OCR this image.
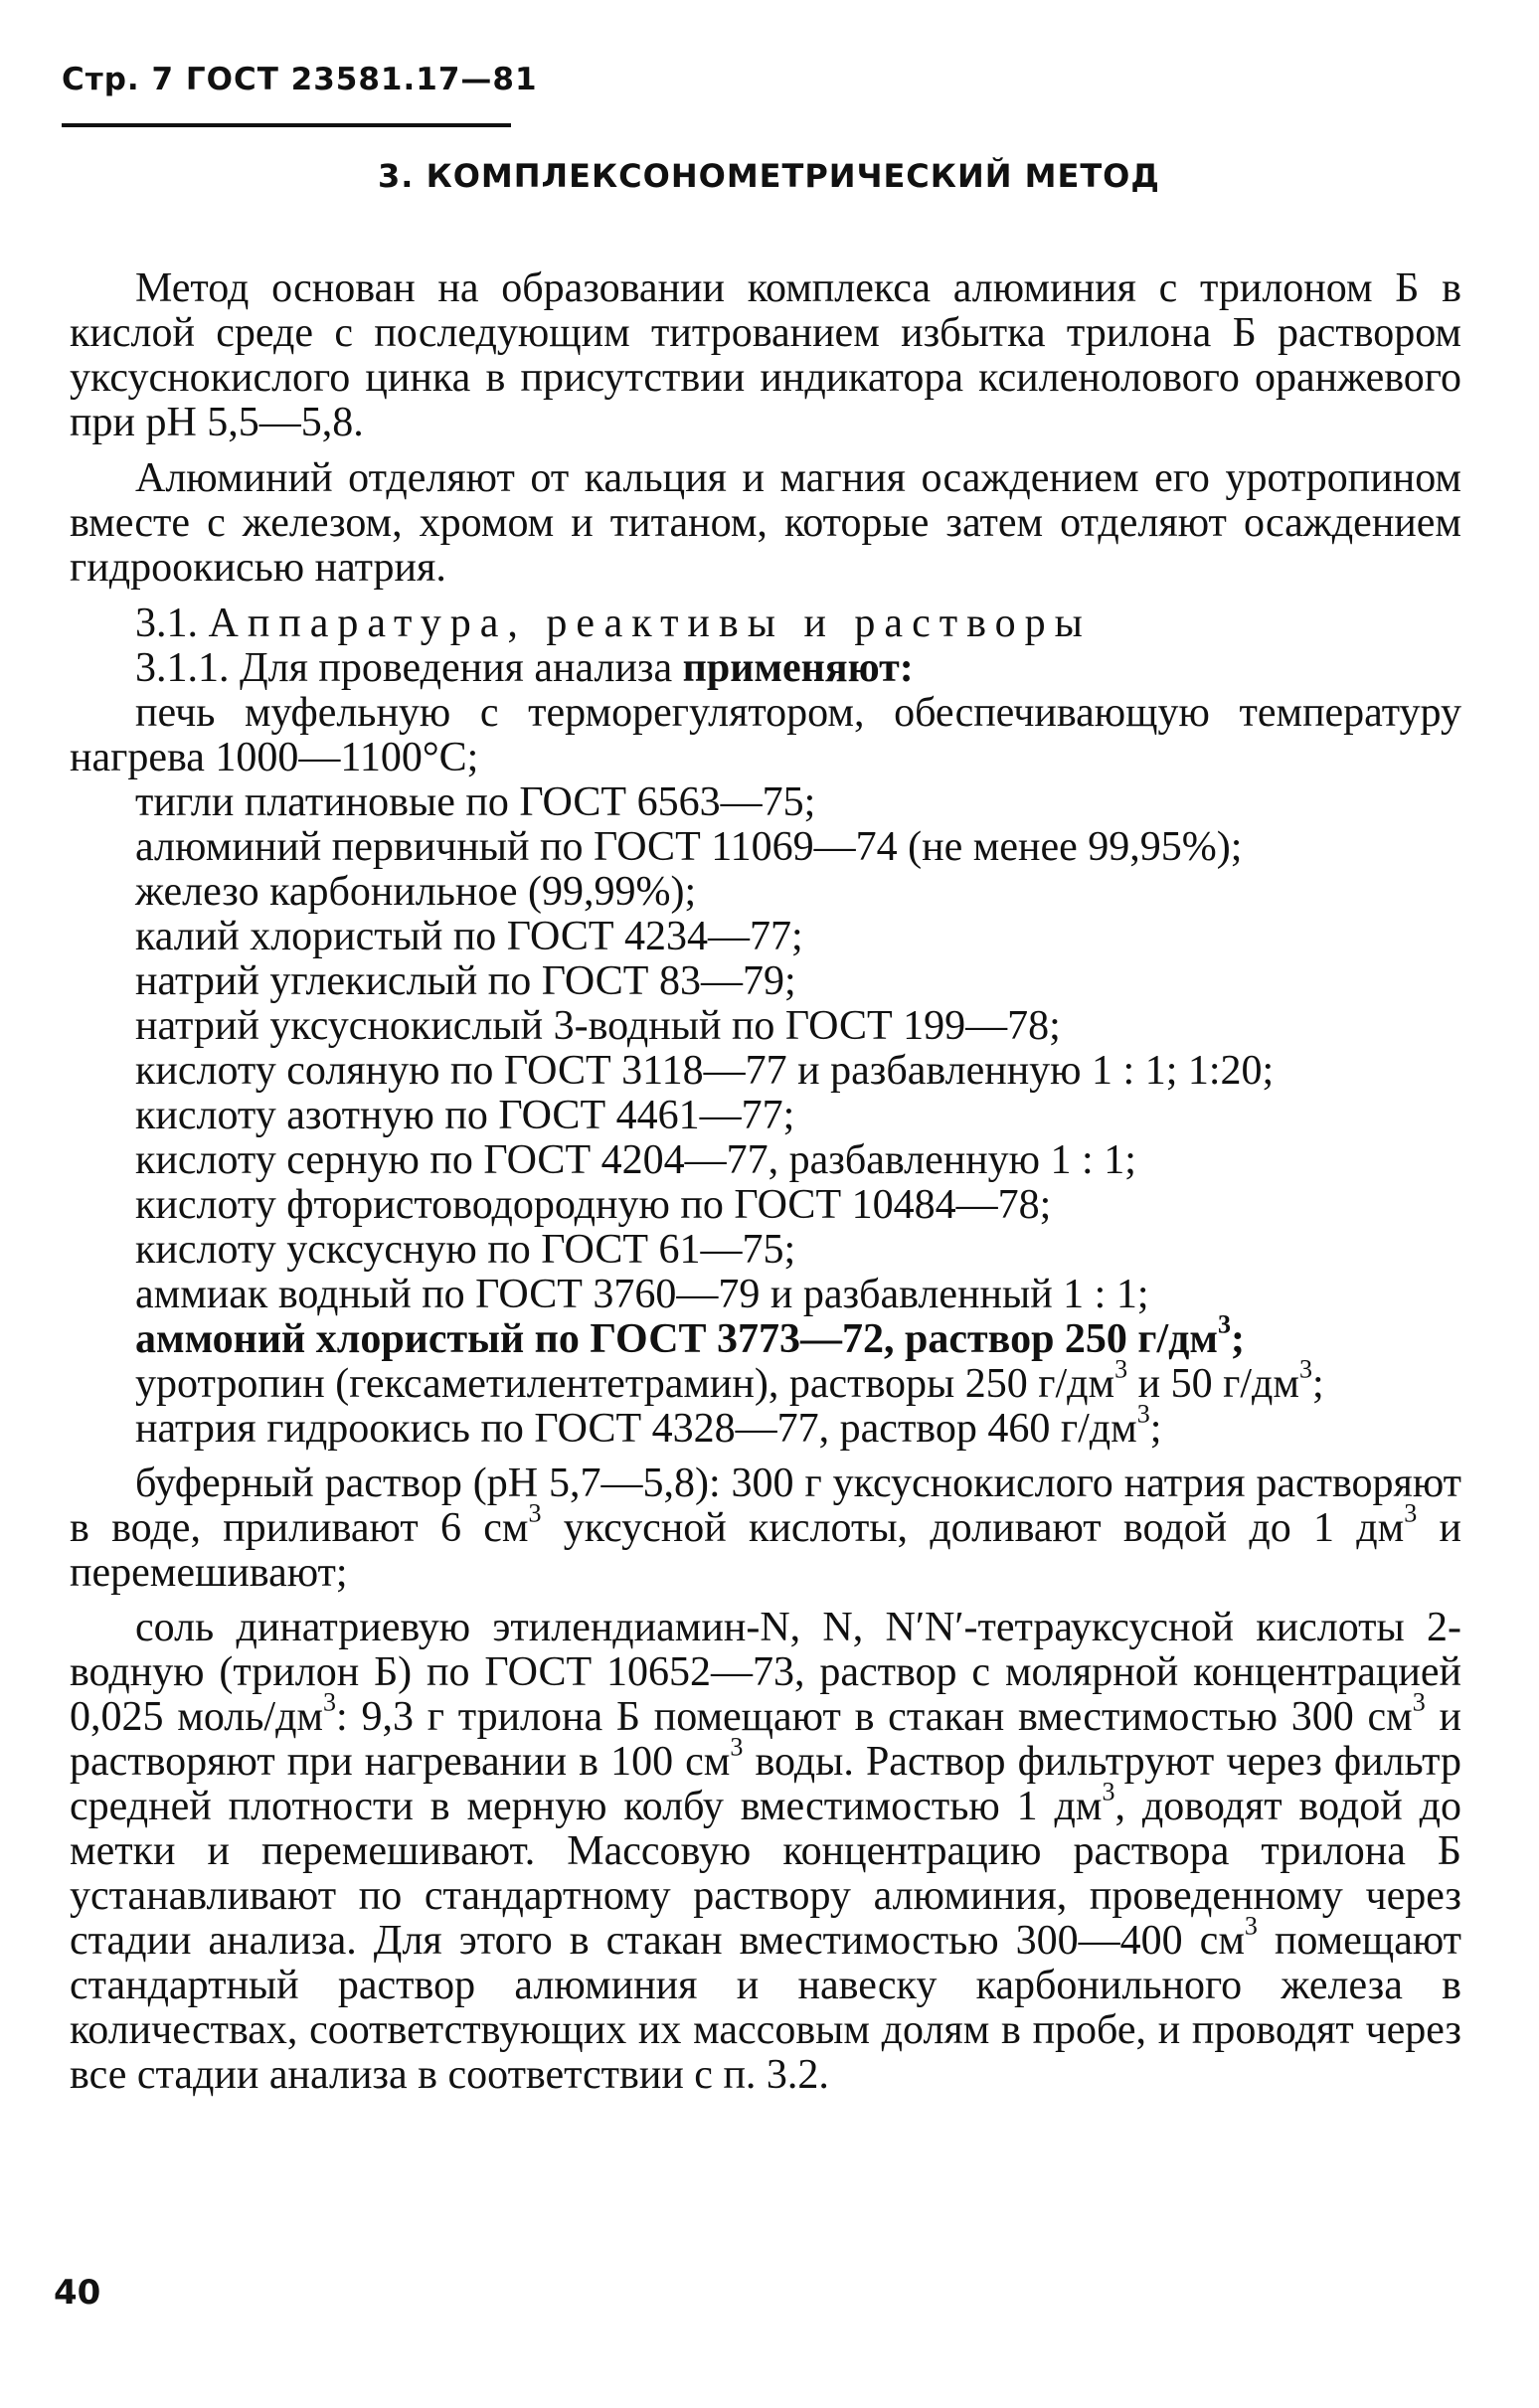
Стр. 7 ГОСТ 23581.17—81
3. КОМПЛЕКСОНОМЕТРИЧЕСКИЙ МЕТОД

Метод основан на образовании комплекса алюминия с трилоном Б в кислой среде с последующим титрованием избытка трилона Б раствором уксуснокислого цинка в присутствии индикатора ксиленолового оранжевого при pH 5,5—5,8.

Алюминий отделяют от кальция и магния осаждением его уротропином вместе с железом, хромом и титаном, которые затем отделяют осаждением гидроокисью натрия.

3.1. Аппаратура, реактивы и растворы

3.1.1. Для проведения анализа применяют:

печь муфельную с терморегулятором, обеспечивающую температуру нагрева 1000—1100°С;

тигли платиновые по ГОСТ 6563—75;

алюминий первичный по ГОСТ 11069—74 (не менее 99,95%);

железо карбонильное (99,99%);

калий хлористый по ГОСТ 4234—77;

натрий углекислый по ГОСТ 83—79;

натрий уксуснокислый 3-водный по ГОСТ 199—78;

кислоту соляную по ГОСТ 3118—77 и разбавленную 1 : 1; 1:20;

кислоту азотную по ГОСТ 4461—77;

кислоту серную по ГОСТ 4204—77, разбавленную 1 : 1;

кислоту фтористоводородную по ГОСТ 10484—78;

кислоту усксусную по ГОСТ 61—75;

аммиак водный по ГОСТ 3760—79 и разбавленный 1 : 1;

аммоний хлористый по ГОСТ 3773—72, раствор 250 $г/дм^3$;

уротропин (гексаметилентетрамин), растворы 250 $г/дм^3$ и 50 $г/дм^3$;

натрия гидроокись по ГОСТ 4328—77, раствор 460 $г/дм^3$;

буферный раствор (pH 5,7—5,8): 300 г уксуснокислого натрия растворяют в воде, приливают 6 $см^3$ уксусной кислоты, доливают водой до 1 $дм^3$ и перемешивают;

соль динатриевую этилендиамин-N, N, N′N′-тетрауксусной кислоты 2-водную (трилон Б) по ГОСТ 10652—73, раствор с молярной концентрацией 0,025 моль/$дм^3$: 9,3 г трилона Б помещают в стакан вместимостью 300 $см^3$ и растворяют при нагревании в 100 $см^3$ воды. Раствор фильтруют через фильтр средней плотности в мерную колбу вместимостью 1 $дм^3$, доводят водой до метки и перемешивают. Массовую концентрацию раствора трилона Б устанавливают по стандартному раствору алюминия, проведенному через стадии анализа. Для этого в стакан вместимостью 300—400 $см^3$ помещают стандартный раствор алюминия и навеску карбонильного железа в количествах, соответствующих их массовым долям в пробе, и проводят через все стадии анализа в соответствии с п. 3.2.

40
